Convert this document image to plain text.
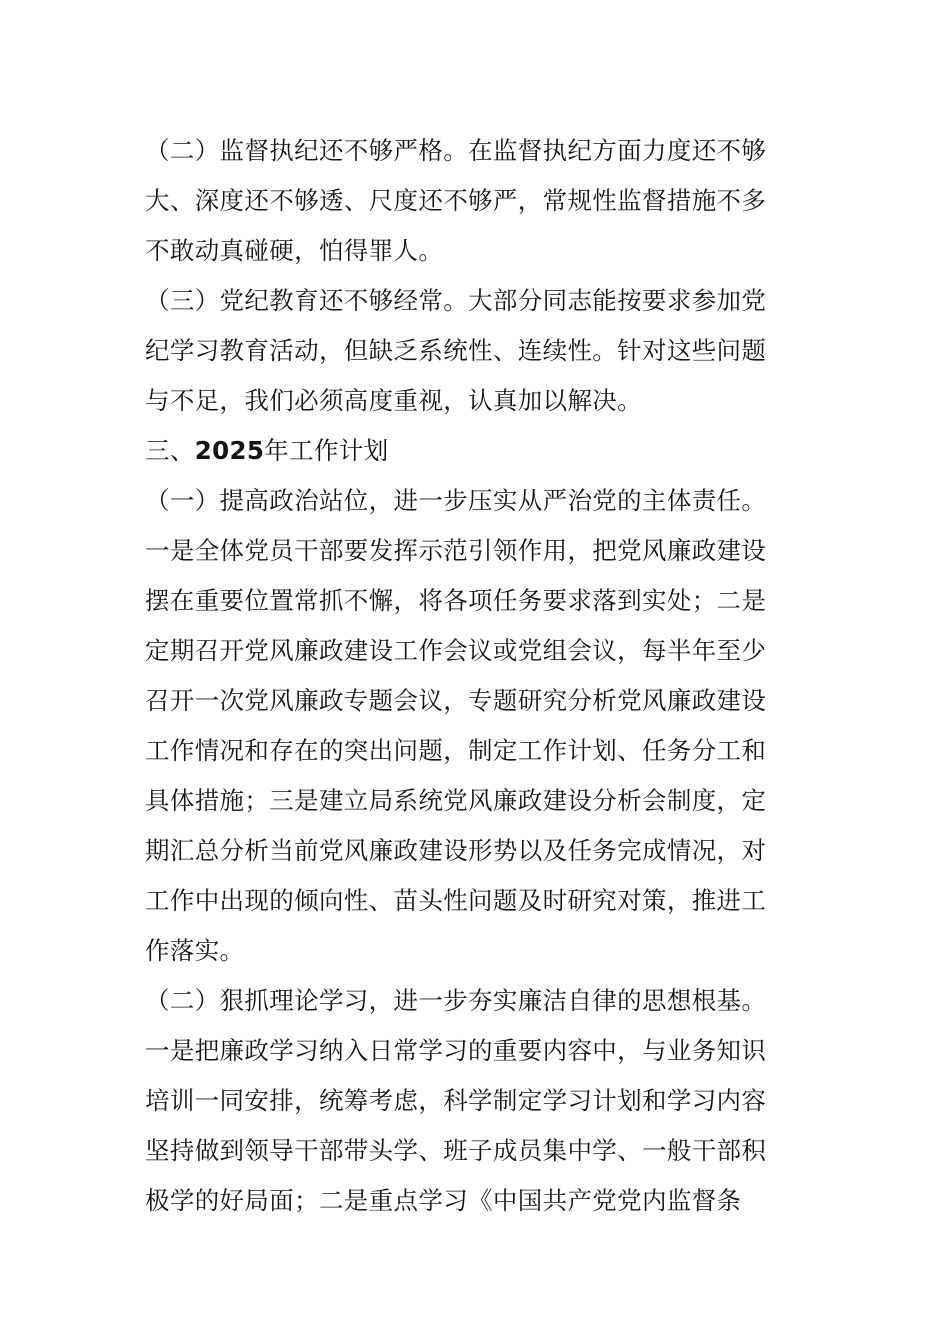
（二）监督执纪还不够严格。在监督执纪方面力度还不够
大、深度还不够透、尺度还不够严，常规性监督措施不多
不敢动真碰硬，怕得罪人。
（三）党纪教育还不够经常。大部分同志能按要求参加党
纪学习教育活动，但缺乏系统性、连续性。针对这些问题
与不足，我们必须高度重视，认真加以解决。
三、2025年工作计划
（一）提高政治站位，进一步压实从严治党的主体责任。
一是全体党员干部要发挥示范引领作用，把党风廉政建设
摆在重要位置常抓不懈，将各项任务要求落到实处；二是
定期召开党风廉政建设工作会议或党组会议，每半年至少
召开一次党风廉政专题会议，专题研究分析党风廉政建设
工作情况和存在的突出问题，制定工作计划、任务分工和
具体措施；三是建立局系统党风廉政建设分析会制度，定
期汇总分析当前党风廉政建设形势以及任务完成情况，对
工作中出现的倾向性、苗头性问题及时研究对策，推进工
作落实。
（二）狠抓理论学习，进一步夯实廉洁自律的思想根基。
一是把廉政学习纳入日常学习的重要内容中，与业务知识
培训一同安排，统筹考虑，科学制定学习计划和学习内容
坚持做到领导干部带头学、班子成员集中学、一般干部积
极学的好局面；二是重点学习《中国共产党党内监督条
